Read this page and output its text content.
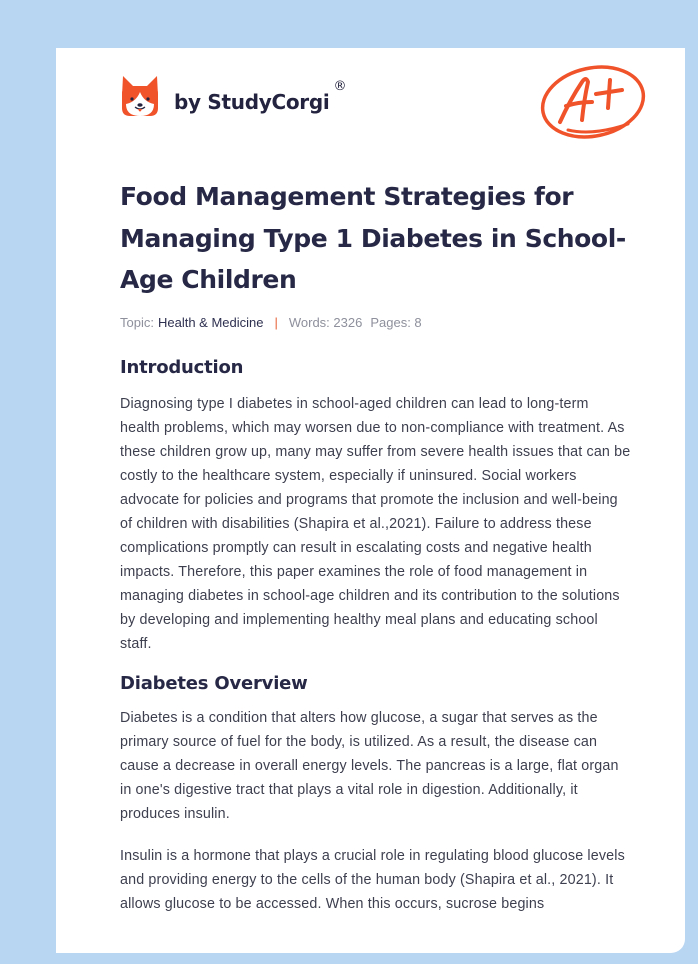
by StudyCorgi
®
Food Management Strategies for Managing Type 1 Diabetes in School-Age Children
Topic: Health & Medicine | Words: 2326 Pages: 8
Introduction

Diagnosing type I diabetes in school-aged children can lead to long-term health problems, which may worsen due to non-compliance with treatment. As these children grow up, many may suffer from severe health issues that can be costly to the healthcare system, especially if uninsured. Social workers advocate for policies and programs that promote the inclusion and well-being of children with disabilities (Shapira et al.,2021). Failure to address these complications promptly can result in escalating costs and negative health impacts. Therefore, this paper examines the role of food management in managing diabetes in school-age children and its contribution to the solutions by developing and implementing healthy meal plans and educating school staff.

Diabetes Overview

Diabetes is a condition that alters how glucose, a sugar that serves as the primary source of fuel for the body, is utilized. As a result, the disease can cause a decrease in overall energy levels. The pancreas is a large, flat organ in one's digestive tract that plays a vital role in digestion. Additionally, it produces insulin.

Insulin is a hormone that plays a crucial role in regulating blood glucose levels and providing energy to the cells of the human body (Shapira et al., 2021). It allows glucose to be accessed. When this occurs, sucrose begins
